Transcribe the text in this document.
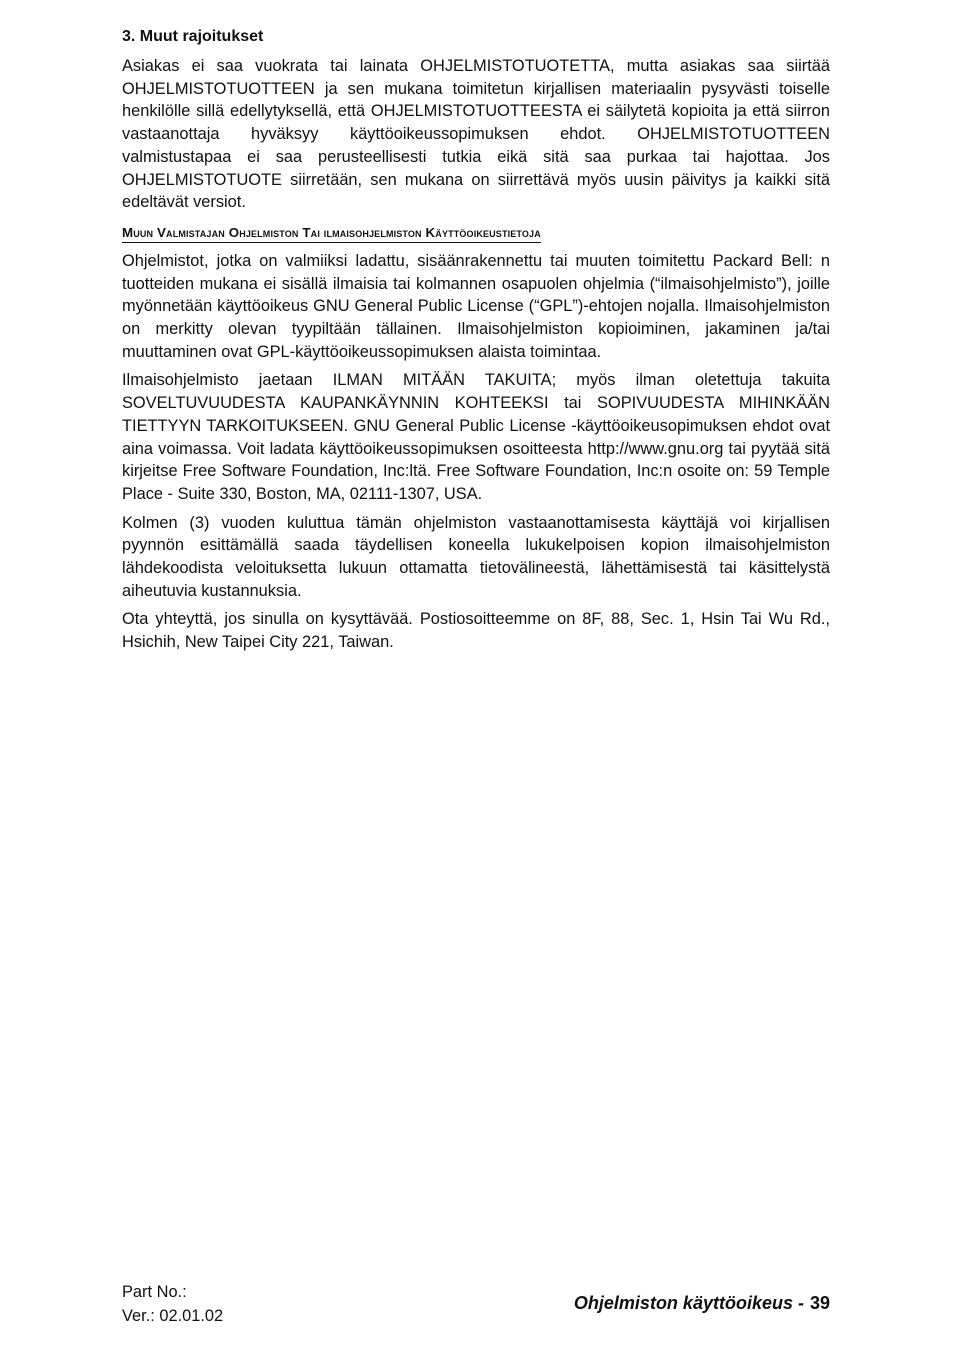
3. Muut rajoitukset

Asiakas ei saa vuokrata tai lainata OHJELMISTOTUOTETTA, mutta asiakas saa siirtää OHJELMISTOTUOTTEEN ja sen mukana toimitetun kirjallisen materiaalin pysyvästi toiselle henkilölle sillä edellytyksellä, että OHJELMISTOTUOTTEESTA ei säilytetä kopioita ja että siirron vastaanottaja hyväksyy käyttöoikeussopimuksen ehdot. OHJELMISTOTUOTTEEN valmistustapaa ei saa perusteellisesti tutkia eikä sitä saa purkaa tai hajottaa. Jos OHJELMISTOTUOTE siirretään, sen mukana on siirrettävä myös uusin päivitys ja kaikki sitä edeltävät versiot.

Muun Valmistajan Ohjelmiston Tai ilmaisohjelmiston Käyttöoikeustietoja

Ohjelmistot, jotka on valmiiksi ladattu, sisäänrakennettu tai muuten toimitettu Packard Bell: n tuotteiden mukana ei sisällä ilmaisia tai kolmannen osapuolen ohjelmia (“ilmaisohjelmisto”), joille myönnetään käyttöoikeus GNU General Public License (“GPL”)-ehtojen nojalla. Ilmaisohjelmiston on merkitty olevan tyypiltään tällainen. Ilmaisohjelmiston kopioiminen, jakaminen ja/tai muuttaminen ovat GPL-käyttöoikeussopimuksen alaista toimintaa.

Ilmaisohjelmisto jaetaan ILMAN MITÄÄN TAKUITA; myös ilman oletettuja takuita SOVELTUVUUDESTA KAUPANKÄYNNIN KOHTEEKSI tai SOPIVUUDESTA MIHINKÄÄN TIETTYYN TARKOITUKSEEN. GNU General Public License -käyttöoikeusopimuksen ehdot ovat aina voimassa. Voit ladata käyttöoikeussopimuksen osoitteesta http://www.gnu.org tai pyytää sitä kirjeitse Free Software Foundation, Inc:ltä. Free Software Foundation, Inc:n osoite on: 59 Temple Place - Suite 330, Boston, MA, 02111-1307, USA.

Kolmen (3) vuoden kuluttua tämän ohjelmiston vastaanottamisesta käyttäjä voi kirjallisen pyynnön esittämällä saada täydellisen koneella lukukelpoisen kopion ilmaisohjelmiston lähdekoodista veloituksetta lukuun ottamatta tietovälineestä, lähettämisestä tai käsittelystä aiheutuvia kustannuksia.

Ota yhteyttä, jos sinulla on kysyttävää. Postiosoitteemme on 8F, 88, Sec. 1, Hsin Tai Wu Rd., Hsichih, New Taipei City 221, Taiwan.

Part No.:
Ver.: 02.01.02
Ohjelmiston käyttöoikeus - 39
